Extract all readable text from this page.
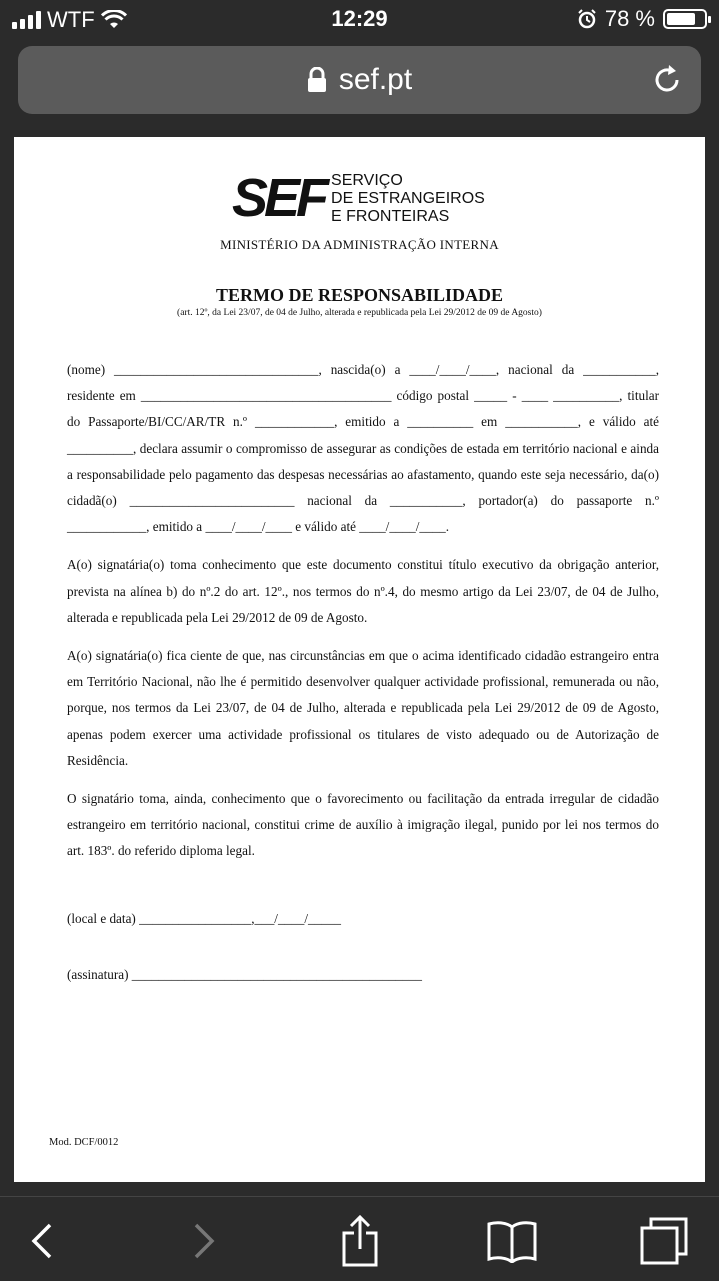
WTF	12:29	78 %
sef.pt
SEF SERVIÇO
DE ESTRANGEIROS
E FRONTEIRAS
MINISTÉRIO DA ADMINISTRAÇÃO INTERNA
TERMO DE RESPONSABILIDADE
(art. 12º, da Lei 23/07, de 04 de Julho, alterada e republicada pela Lei 29/2012 de 09 de Agosto)

(nome) _______________________________, nascida(o) a ____/____/____, nacional da ___________, residente em ______________________________________ código postal _____ - ____ __________, titular do Passaporte/BI/CC/AR/TR n.º ____________, emitido a __________ em ___________, e válido até __________, declara assumir o compromisso de assegurar as condições de estada em território nacional e ainda a responsabilidade pelo pagamento das despesas necessárias ao afastamento, quando este seja necessário, da(o) cidadã(o) _________________________ nacional da ___________, portador(a) do passaporte n.º ____________, emitido a ____/____/____ e válido até ____/____/____.

A(o) signatária(o) toma conhecimento que este documento constitui título executivo da obrigação anterior, prevista na alínea b) do nº.2 do art. 12º., nos termos do nº.4, do mesmo artigo da Lei 23/07, de 04 de Julho, alterada e republicada pela Lei 29/2012 de 09 de Agosto.

A(o) signatária(o) fica ciente de que, nas circunstâncias em que o acima identificado cidadão estrangeiro entra em Território Nacional, não lhe é permitido desenvolver qualquer actividade profissional, remunerada ou não, porque, nos termos da Lei 23/07, de 04 de Julho, alterada e republicada pela Lei 29/2012 de 09 de Agosto, apenas podem exercer uma actividade profissional os titulares de visto adequado ou de Autorização de Residência.

O signatário toma, ainda, conhecimento que o favorecimento ou facilitação da entrada irregular de cidadão estrangeiro em território nacional, constitui crime de auxílio à imigração ilegal, punido por lei nos termos do art. 183º. do referido diploma legal.

(local e data) _________________,___/____/_____
(assinatura) ____________________________________________
Mod. DCF/0012
